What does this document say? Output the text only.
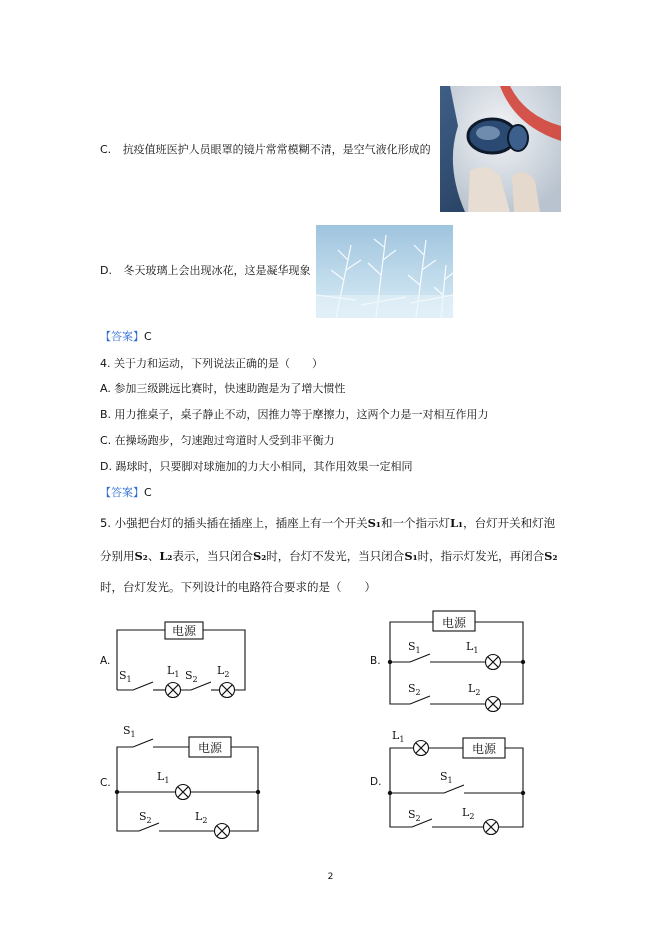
C. 抗疫值班医护人员眼罩的镜片常常模糊不清，是空气液化形成的
D. 冬天玻璃上会出现冰花，这是凝华现象
【答案】C
4. 关于力和运动，下列说法正确的是（　　）
A. 参加三级跳远比赛时，快速助跑是为了增大惯性
B. 用力推桌子，桌子静止不动，因推力等于摩擦力，这两个力是一对相互作用力
C. 在操场跑步，匀速跑过弯道时人受到非平衡力
D. 踢球时，只要脚对球施加的力大小相同，其作用效果一定相同
【答案】C
5. 小强把台灯的插头插在插座上，插座上有一个开关S₁和一个指示灯L₁，台灯开关和灯泡
分别用S₂、L₂表示，当只闭合S₂时，台灯不发光，当只闭合S₁时，指示灯发光，再闭合S₂
时，台灯发光。下列设计的电路符合要求的是（　　）
A.
电源
$S_1$
$L_1$ $S_2$
$L_2$
B.
电源
$S_1$	$L_1$
$S_2$	$L_2$
C.
电源
$S_1$
$L_1$
$S_2$	$L_2$
D.
电源
$L_1$
$S_1$
$S_2$	$L_2$
2
